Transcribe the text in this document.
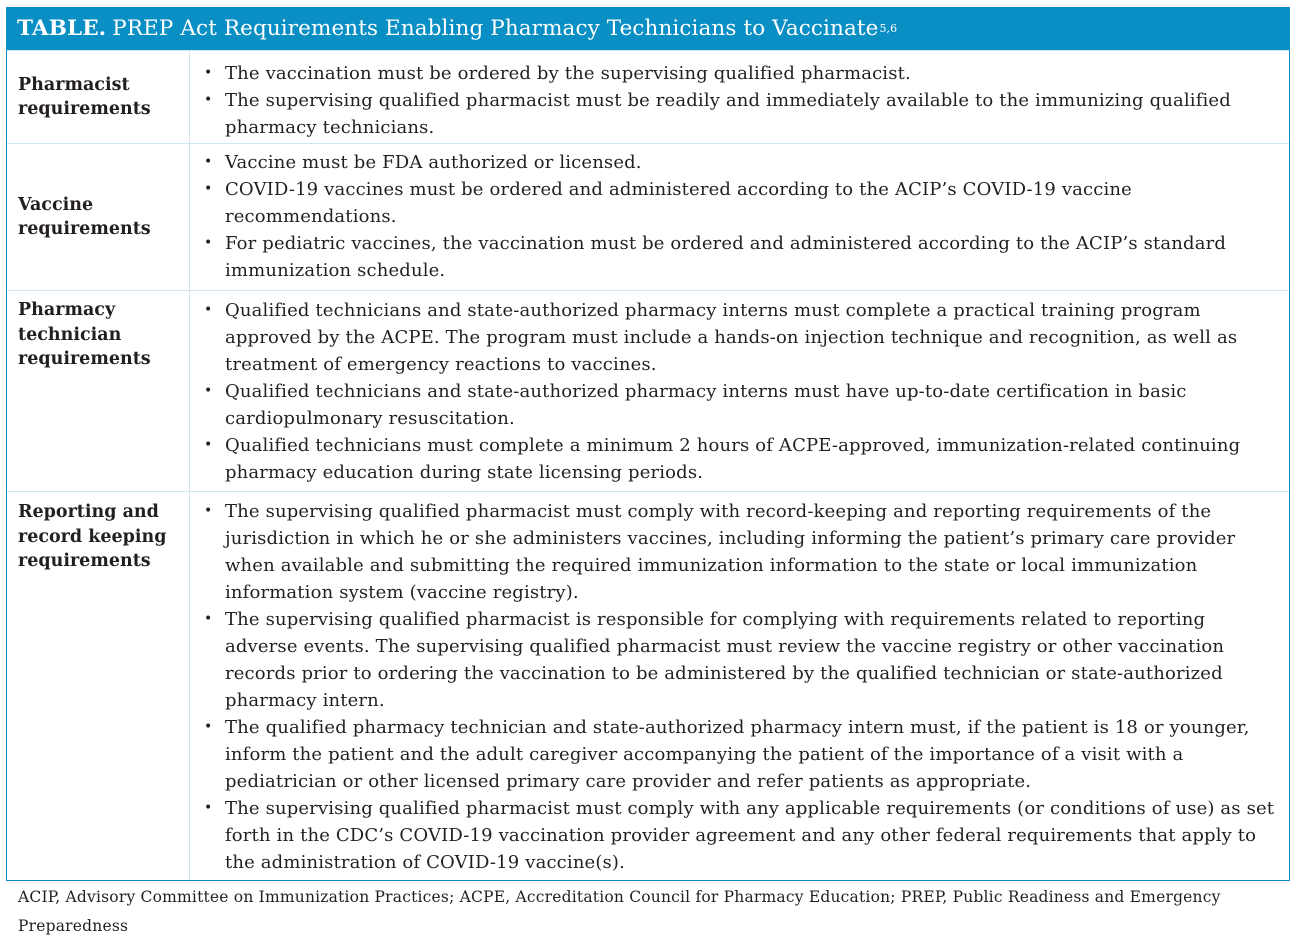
TABLE. PREP Act Requirements Enabling Pharmacy Technicians to Vaccinate 5,6
Pharmacist requirements
• The vaccination must be ordered by the supervising qualified pharmacist.
• The supervising qualified pharmacist must be readily and immediately available to the immunizing qualified pharmacy technicians.
Vaccine requirements
• Vaccine must be FDA authorized or licensed.
• COVID-19 vaccines must be ordered and administered according to the ACIP’s COVID-19 vaccine recommendations.
• For pediatric vaccines, the vaccination must be ordered and administered according to the ACIP’s standard immunization schedule.
Pharmacy technician requirements
• Qualified technicians and state-authorized pharmacy interns must complete a practical training program approved by the ACPE. The program must include a hands-on injection technique and recognition, as well as treatment of emergency reactions to vaccines.
• Qualified technicians and state-authorized pharmacy interns must have up-to-date certification in basic cardiopulmonary resuscitation.
• Qualified technicians must complete a minimum 2 hours of ACPE-approved, immunization-related continuing pharmacy education during state licensing periods.
Reporting and record keeping requirements
• The supervising qualified pharmacist must comply with record-keeping and reporting requirements of the jurisdiction in which he or she administers vaccines, including informing the patient’s primary care provider when available and submitting the required immunization information to the state or local immunization information system (vaccine registry).
• The supervising qualified pharmacist is responsible for complying with requirements related to reporting adverse events. The supervising qualified pharmacist must review the vaccine registry or other vaccination records prior to ordering the vaccination to be administered by the qualified technician or state-authorized pharmacy intern.
• The qualified pharmacy technician and state-authorized pharmacy intern must, if the patient is 18 or younger, inform the patient and the adult caregiver accompanying the patient of the importance of a visit with a pediatrician or other licensed primary care provider and refer patients as appropriate.
• The supervising qualified pharmacist must comply with any applicable requirements (or conditions of use) as set forth in the CDC’s COVID-19 vaccination provider agreement and any other federal requirements that apply to the administration of COVID-19 vaccine(s).
ACIP, Advisory Committee on Immunization Practices; ACPE, Accreditation Council for Pharmacy Education; PREP, Public Readiness and Emergency Preparedness
